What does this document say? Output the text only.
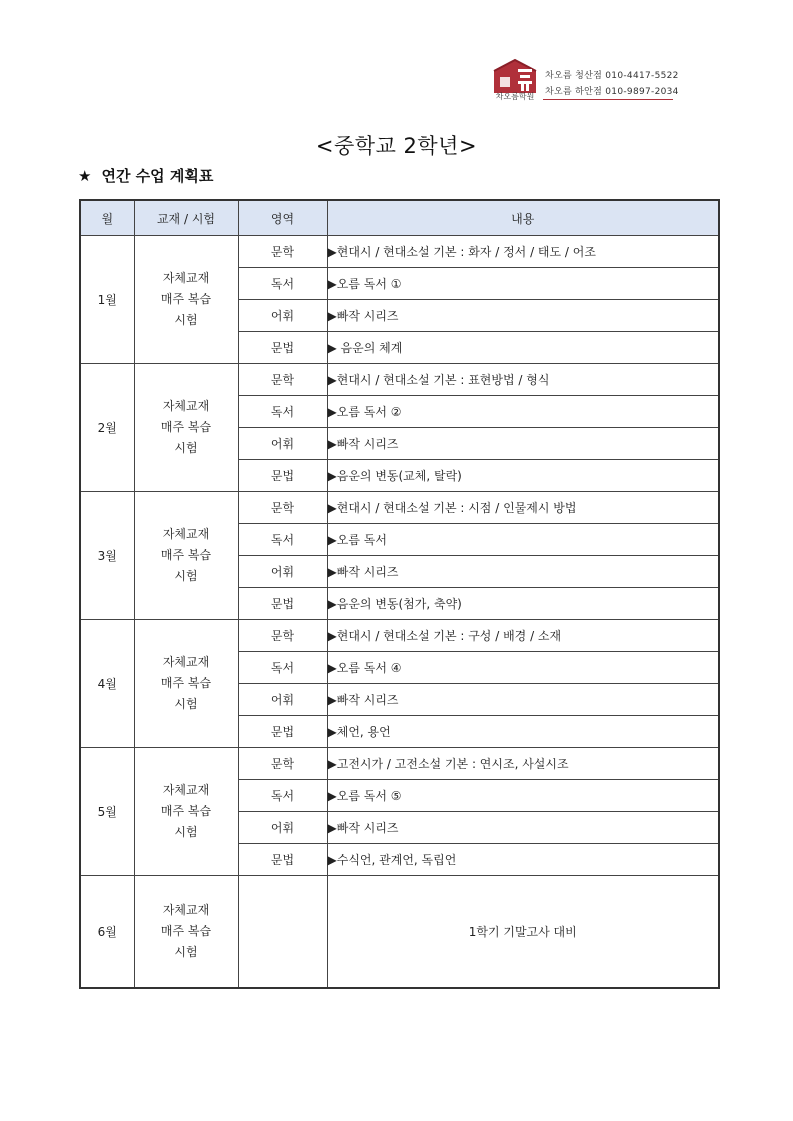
차오름학원
차오름 청산점 010-4417-5522
차오름 하안점 010-9897-2034
<중학교 2학년>
★ 연간 수업 계획표
월	교재 / 시험	영역	내용
1월	자체교재
매주 복습
시험	문학	▶현대시 / 현대소설 기본 : 화자 / 정서 / 태도 / 어조
		독서	▶오름 독서 ①
		어휘	▶빠작 시리즈
		문법	▶ 음운의 체계
2월	자체교재
매주 복습
시험	문학	▶현대시 / 현대소설 기본 : 표현방법 / 형식
		독서	▶오름 독서 ②
		어휘	▶빠작 시리즈
		문법	▶음운의 변동(교체, 탈락)
3월	자체교재
매주 복습
시험	문학	▶현대시 / 현대소설 기본 : 시점 / 인물제시 방법
		독서	▶오름 독서
		어휘	▶빠작 시리즈
		문법	▶음운의 변동(첨가, 축약)
4월	자체교재
매주 복습
시험	문학	▶현대시 / 현대소설 기본 : 구성 / 배경 / 소재
		독서	▶오름 독서 ④
		어휘	▶빠작 시리즈
		문법	▶체언, 용언
5월	자체교재
매주 복습
시험	문학	▶고전시가 / 고전소설 기본 : 연시조, 사설시조
		독서	▶오름 독서 ⑤
		어휘	▶빠작 시리즈
		문법	▶수식언, 관계언, 독립언
6월	자체교재
매주 복습
시험		1학기 기말고사 대비
